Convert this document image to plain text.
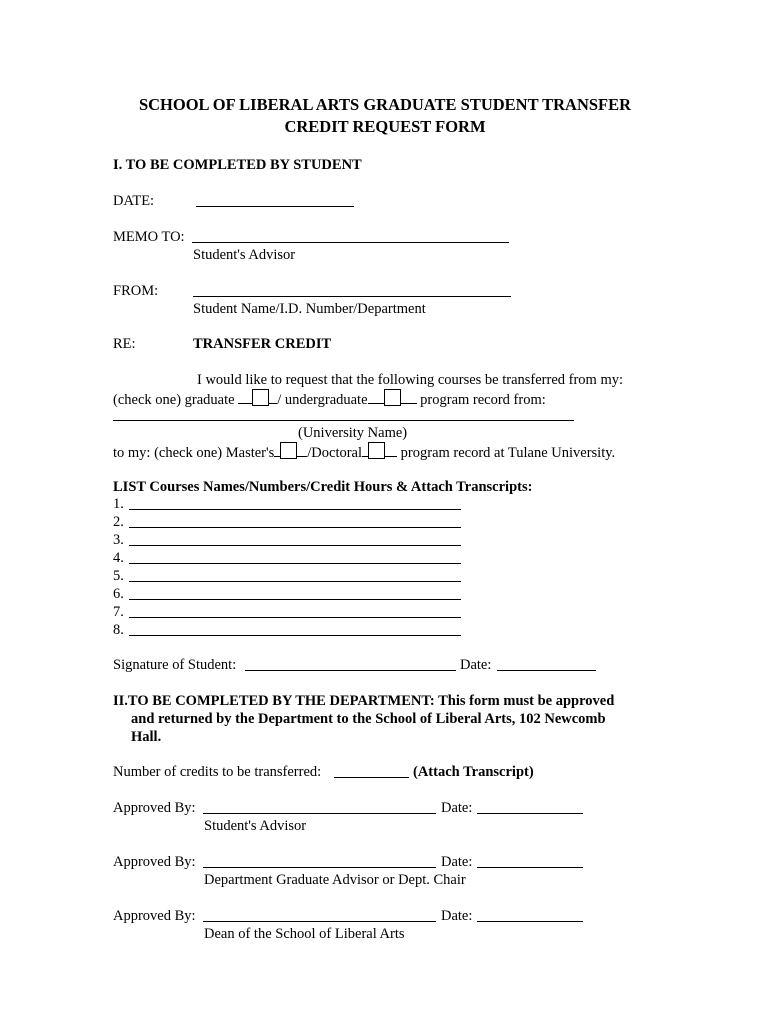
SCHOOL OF LIBERAL ARTS GRADUATE STUDENT TRANSFER
CREDIT REQUEST FORM
I. TO BE COMPLETED BY STUDENT
DATE:
MEMO TO:
Student's Advisor
FROM:
Student Name/I.D. Number/Department
RE:	TRANSFER CREDIT
I would like to request that the following courses be transferred from my:
(check one) graduate	/ undergraduate	program record from:
(University Name)
to my: (check one) Master's /Doctoral	program record at Tulane University.
LIST Courses Names/Numbers/Credit Hours & Attach Transcripts:
1.
2.
3.
4.
5.
6.
7.
8.
Signature of Student:	Date:
II.TO BE COMPLETED BY THE DEPARTMENT: This form must be approved
and returned by the Department to the School of Liberal Arts, 102 Newcomb
Hall.
Number of credits to be transferred:	(Attach Transcript)
Approved By:	Date:
Student's Advisor
Approved By:	Date:
Department Graduate Advisor or Dept. Chair
Approved By:	Date:
Dean of the School of Liberal Arts
